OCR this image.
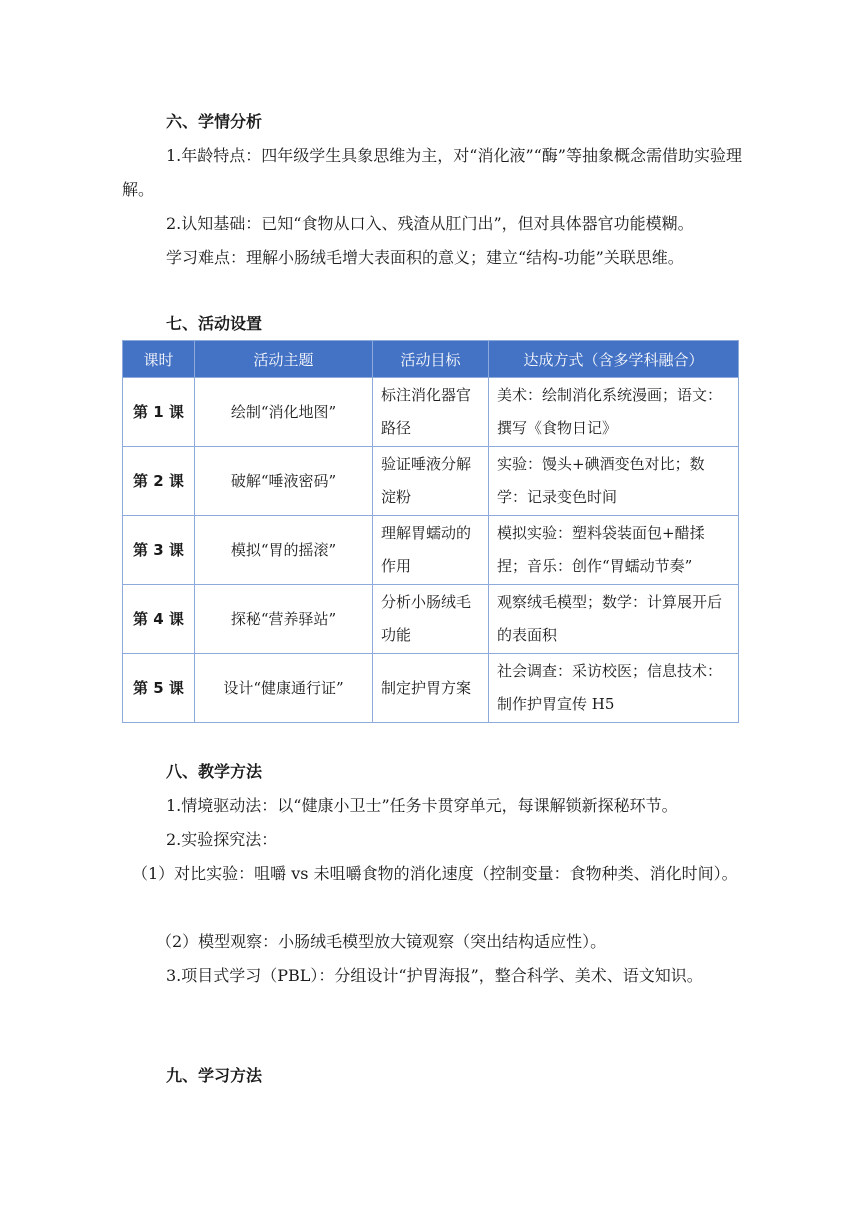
六、学情分析

1.年龄特点：四年级学生具象思维为主，对“消化液”“酶”等抽象概念需借助实验理解。

2.认知基础：已知“食物从口入、残渣从肛门出”，但对具体器官功能模糊。

学习难点：理解小肠绒毛增大表面积的意义；建立“结构-功能”关联思维。

七、活动设置
课时	活动主题	活动目标	达成方式（含多学科融合）
第 1 课	绘制“消化地图”	标注消化器官路径	美术：绘制消化系统漫画；语文：撰写《食物日记》
第 2 课	破解“唾液密码”	验证唾液分解淀粉	实验：馒头+碘酒变色对比；数学：记录变色时间
第 3 课	模拟“胃的摇滚”	理解胃蠕动的作用	模拟实验：塑料袋装面包+醋揉捏；音乐：创作“胃蠕动节奏”
第 4 课	探秘“营养驿站”	分析小肠绒毛功能	观察绒毛模型；数学：计算展开后的表面积
第 5 课	设计“健康通行证”	制定护胃方案	社会调查：采访校医；信息技术：制作护胃宣传 H5
八、教学方法

1.情境驱动法：以“健康小卫士”任务卡贯穿单元，每课解锁新探秘环节。

2.实验探究法：

（1）对比实验：咀嚼 vs 未咀嚼食物的消化速度（控制变量：食物种类、消化时间）。

（2）模型观察：小肠绒毛模型放大镜观察（突出结构适应性）。

3.项目式学习（PBL）：分组设计“护胃海报”，整合科学、美术、语文知识。

九、学习方法
